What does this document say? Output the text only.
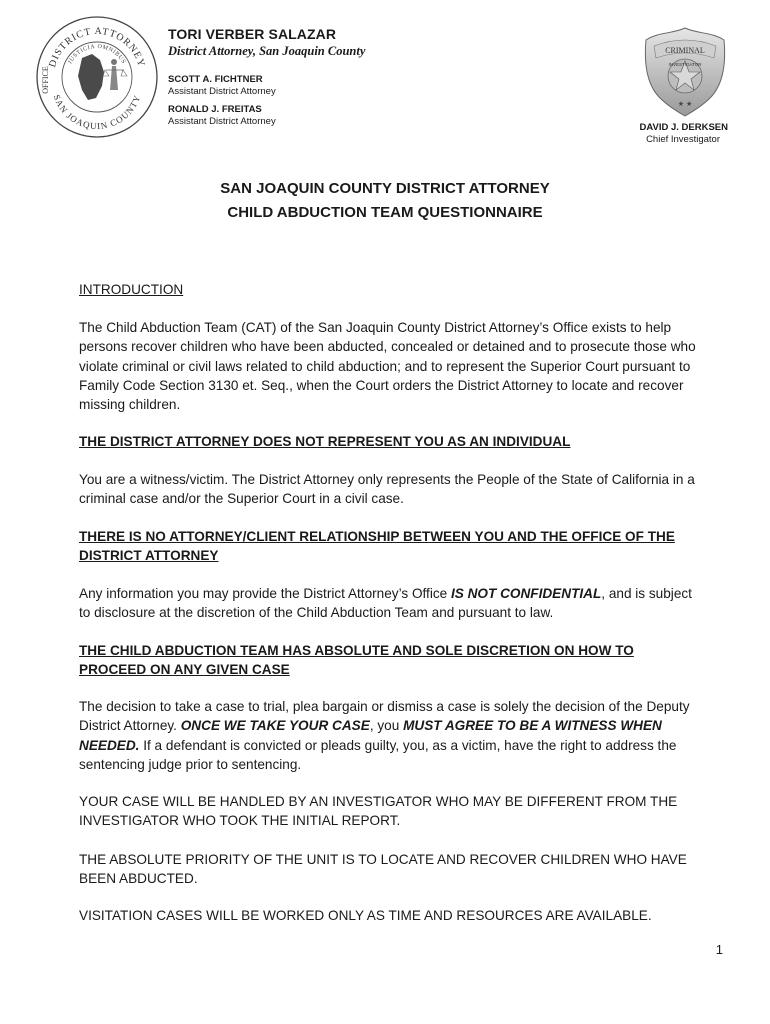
DISTRICT ATTORNEY
SAN JOAQUIN COUNTY
JUSTICIA OMNIBUS
OFFICE
TORI VERBER SALAZAR
District Attorney, San Joaquin County
SCOTT A. FICHTNER
Assistant District Attorney
RONALD J. FREITAS
Assistant District Attorney
CRIMINAL
INVESTIGATOR
★ ★
DAVID J. DERKSEN
Chief Investigator
SAN JOAQUIN COUNTY DISTRICT ATTORNEY
CHILD ABDUCTION TEAM QUESTIONNAIRE
INTRODUCTION
The Child Abduction Team (CAT) of the San Joaquin County District Attorney’s Office exists to help persons recover children who have been abducted, concealed or detained and to prosecute those who violate criminal or civil laws related to child abduction; and to represent the Superior Court pursuant to Family Code Section 3130 et. Seq., when the Court orders the District Attorney to locate and recover missing children.
THE DISTRICT ATTORNEY DOES NOT REPRESENT YOU AS AN INDIVIDUAL
You are a witness/victim. The District Attorney only represents the People of the State of California in a criminal case and/or the Superior Court in a civil case.
THERE IS NO ATTORNEY/CLIENT RELATIONSHIP BETWEEN YOU AND THE OFFICE OF THE DISTRICT ATTORNEY
Any information you may provide the District Attorney’s Office IS NOT CONFIDENTIAL, and is subject to disclosure at the discretion of the Child Abduction Team and pursuant to law.
THE CHILD ABDUCTION TEAM HAS ABSOLUTE AND SOLE DISCRETION ON HOW TO PROCEED ON ANY GIVEN CASE
The decision to take a case to trial, plea bargain or dismiss a case is solely the decision of the Deputy District Attorney. ONCE WE TAKE YOUR CASE, you MUST AGREE TO BE A WITNESS WHEN NEEDED. If a defendant is convicted or pleads guilty, you, as a victim, have the right to address the sentencing judge prior to sentencing.
YOUR CASE WILL BE HANDLED BY AN INVESTIGATOR WHO MAY BE DIFFERENT FROM THE INVESTIGATOR WHO TOOK THE INITIAL REPORT.
THE ABSOLUTE PRIORITY OF THE UNIT IS TO LOCATE AND RECOVER CHILDREN WHO HAVE BEEN ABDUCTED.
VISITATION CASES WILL BE WORKED ONLY AS TIME AND RESOURCES ARE AVAILABLE.
1
